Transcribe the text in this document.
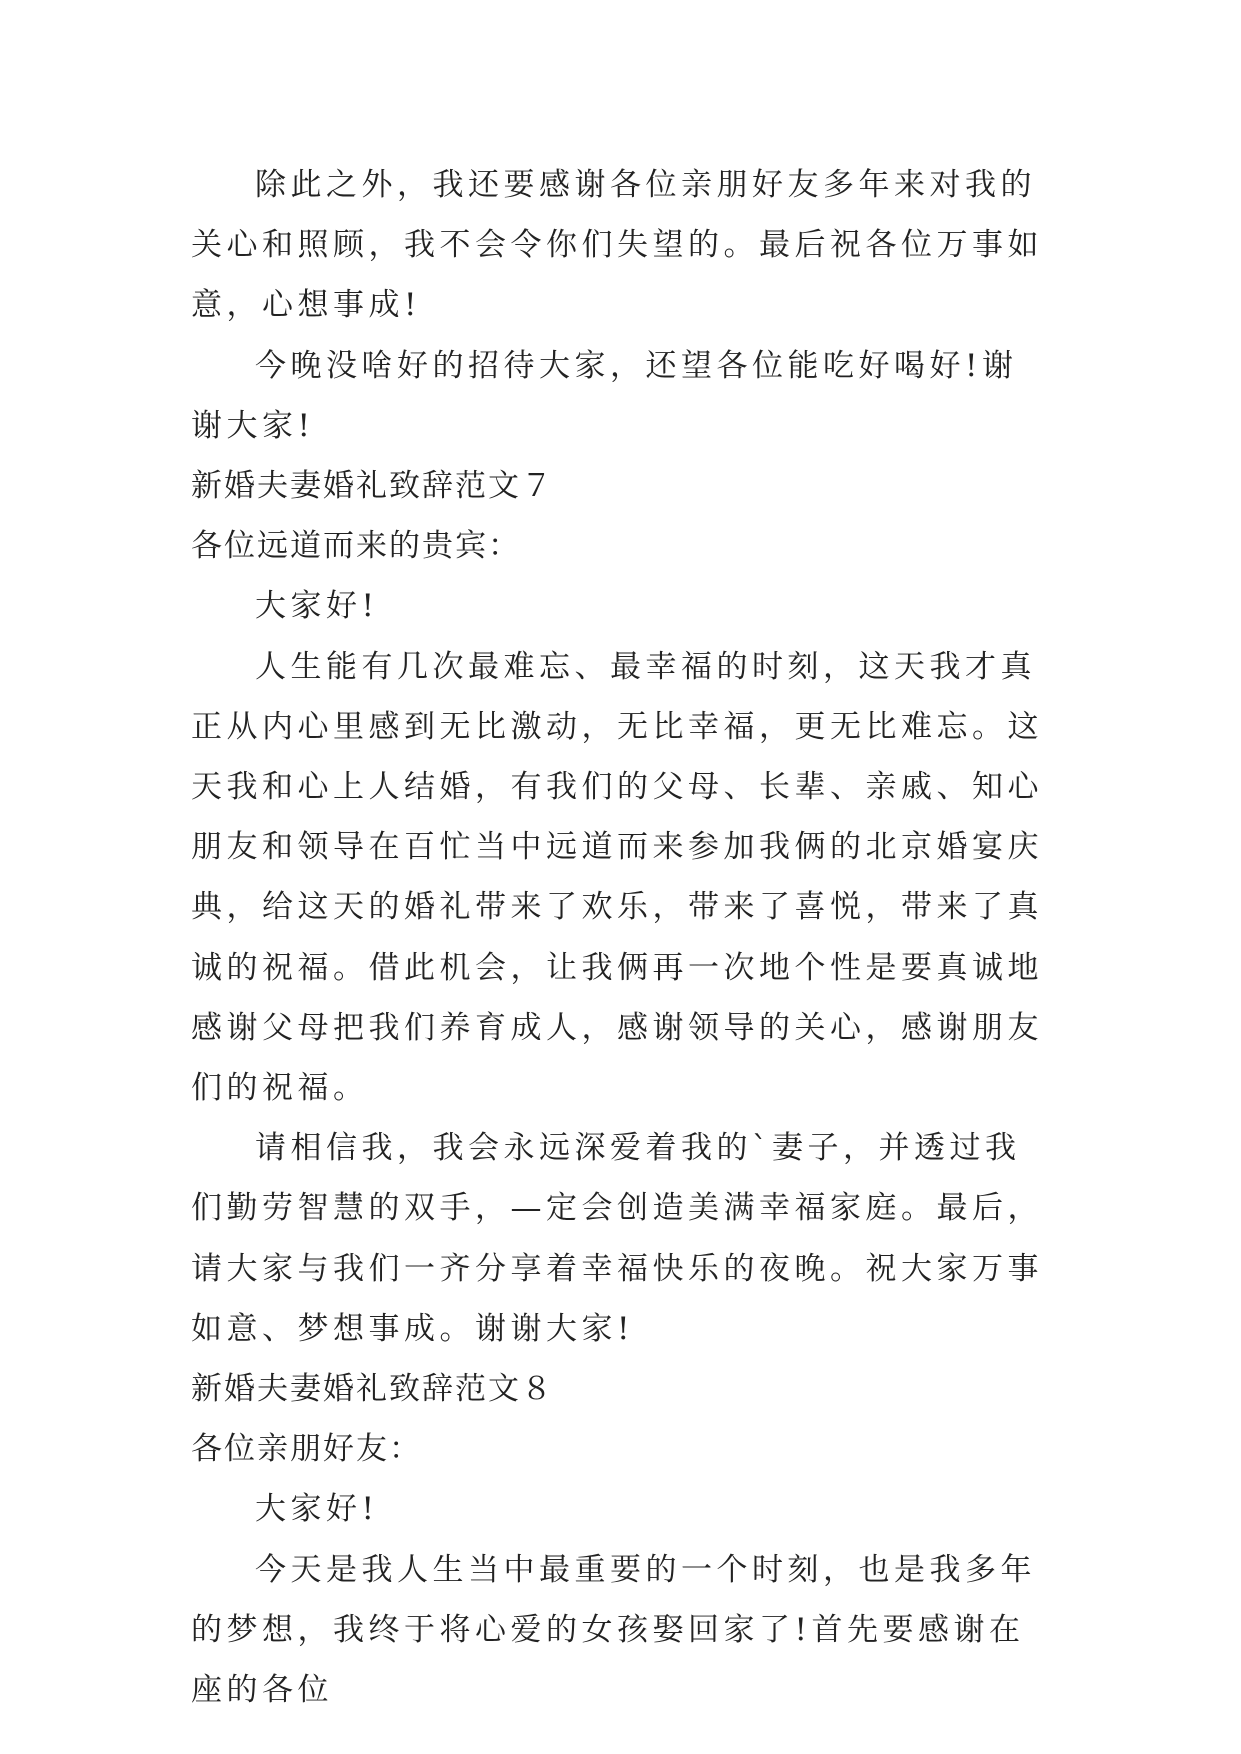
除此之外，我还要感谢各位亲朋好友多年来对我的关心和照顾，我不会令你们失望的。最后祝各位万事如意，心想事成!

今晚没啥好的招待大家，还望各位能吃好喝好!谢谢大家!

新婚夫妻婚礼致辞范文７

各位远道而来的贵宾：

大家好!

人生能有几次最难忘、最幸福的时刻，这天我才真正从内心里感到无比激动，无比幸福，更无比难忘。这天我和心上人结婚，有我们的父母、长辈、亲戚、知心朋友和领导在百忙当中远道而来参加我俩的北京婚宴庆典，给这天的婚礼带来了欢乐，带来了喜悦，带来了真诚的祝福。借此机会，让我俩再一次地个性是要真诚地感谢父母把我们养育成人，感谢领导的关心，感谢朋友们的祝福。

请相信我，我会永远深爱着我的`妻子，并透过我们勤劳智慧的双手，—定会创造美满幸福家庭。最后，请大家与我们一齐分享着幸福快乐的夜晚。祝大家万事如意、梦想事成。谢谢大家!

新婚夫妻婚礼致辞范文８

各位亲朋好友：

大家好!

今天是我人生当中最重要的一个时刻，也是我多年的梦想，我终于将心爱的女孩娶回家了!首先要感谢在座的各位
